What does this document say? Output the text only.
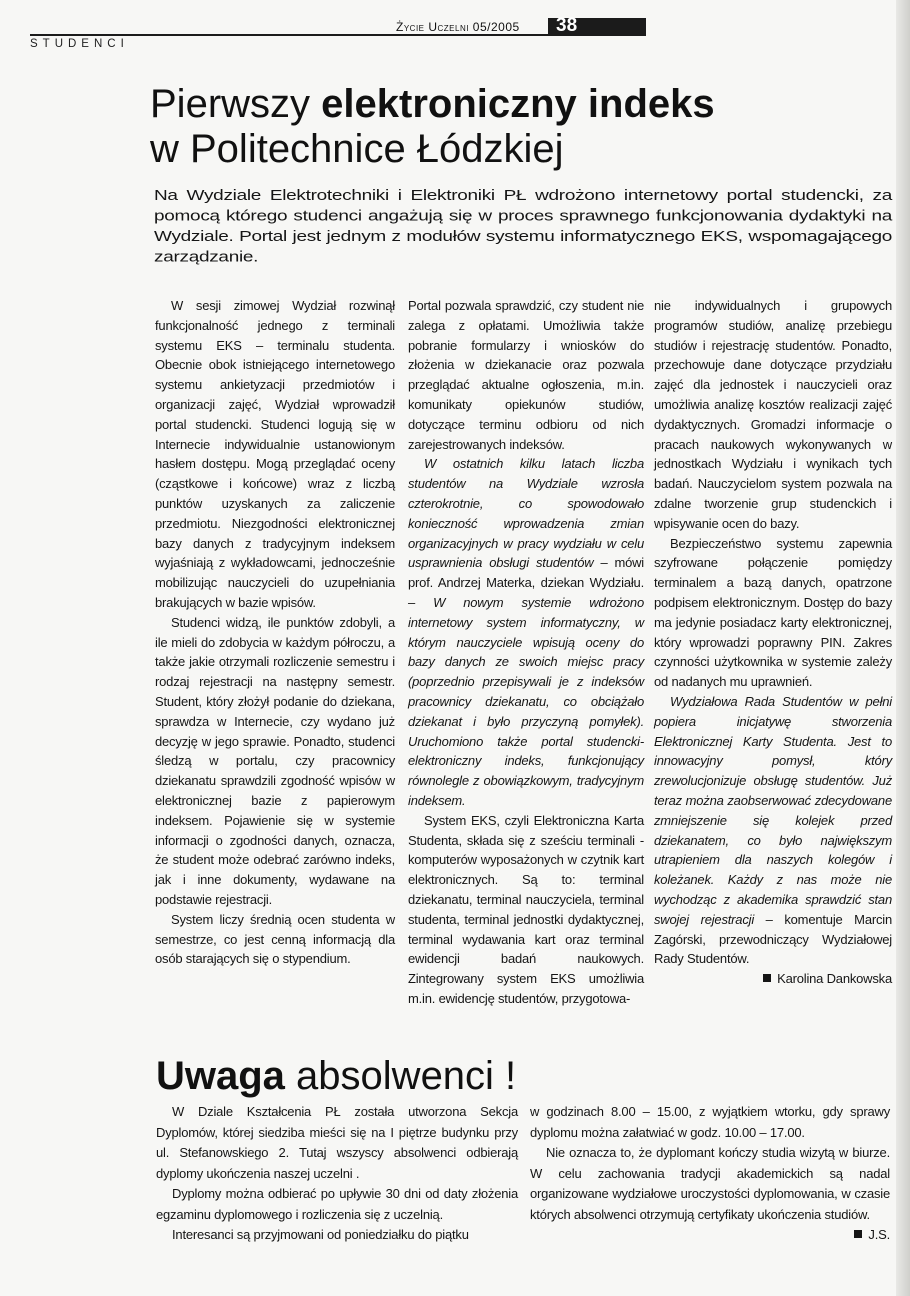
Życie Uczelni 05/2005 38
STUDENCI
Pierwszy elektroniczny indeks
w Politechnice Łódzkiej

Na Wydziale Elektrotechniki i Elektroniki PŁ wdrożono internetowy portal studencki, za pomocą którego studenci angażują się w proces sprawnego funkcjonowania dydaktyki na Wydziale. Portal jest jednym z modułów systemu informatycznego EKS, wspomagającego zarządzanie.

W sesji zimowej Wydział rozwinął funkcjonalność jednego z terminali systemu EKS – terminalu studenta. Obecnie obok istniejącego internetowego systemu ankietyzacji przedmiotów i organizacji zajęć, Wydział wprowadził portal studencki. Studenci logują się w Internecie indywidualnie ustanowionym hasłem dostępu. Mogą przeglądać oceny (cząstkowe i końcowe) wraz z liczbą punktów uzyskanych za zaliczenie przedmiotu. Niezgodności elektronicznej bazy danych z tradycyjnym indeksem wyjaśniają z wykładowcami, jednocześnie mobilizując nauczycieli do uzupełniania brakujących w bazie wpisów.

Studenci widzą, ile punktów zdobyli, a ile mieli do zdobycia w każdym półroczu, a także jakie otrzymali rozliczenie semestru i rodzaj rejestracji na następny semestr. Student, który złożył podanie do dziekana, sprawdza w Internecie, czy wydano już decyzję w jego sprawie. Ponadto, studenci śledzą w portalu, czy pracownicy dziekanatu sprawdzili zgodność wpisów w elektronicznej bazie z papierowym indeksem. Pojawienie się w systemie informacji o zgodności danych, oznacza, że student może odebrać zarówno indeks, jak i inne dokumenty, wydawane na podstawie rejestracji.

System liczy średnią ocen studenta w semestrze, co jest cenną informacją dla osób starających się o stypendium.

Portal pozwala sprawdzić, czy student nie zalega z opłatami. Umożliwia także pobranie formularzy i wniosków do złożenia w dziekanacie oraz pozwala przeglądać aktualne ogłoszenia, m.in. komunikaty opiekunów studiów, dotyczące terminu odbioru od nich zarejestrowanych indeksów.

W ostatnich kilku latach liczba studentów na Wydziale wzrosła czterokrotnie, co spowodowało konieczność wprowadzenia zmian organizacyjnych w pracy wydziału w celu usprawnienia obsługi studentów – mówi prof. Andrzej Materka, dziekan Wydziału. – W nowym systemie wdrożono internetowy system informatyczny, w którym nauczyciele wpisują oceny do bazy danych ze swoich miejsc pracy (poprzednio przepisywali je z indeksów pracownicy dziekanatu, co obciążało dziekanat i było przyczyną pomyłek). Uruchomiono także portal studencki- elektroniczny indeks, funkcjonujący równolegle z obowiązkowym, tradycyjnym indeksem.

System EKS, czyli Elektroniczna Karta Studenta, składa się z sześciu terminali - komputerów wyposażonych w czytnik kart elektronicznych. Są to: terminal dziekanatu, terminal nauczyciela, terminal studenta, terminal jednostki dydaktycznej, terminal wydawania kart oraz terminal ewidencji badań naukowych. Zintegrowany system EKS umożliwia m.in. ewidencję studentów, przygotowa-

nie indywidualnych i grupowych programów studiów, analizę przebiegu studiów i rejestrację studentów. Ponadto, przechowuje dane dotyczące przydziału zajęć dla jednostek i nauczycieli oraz umożliwia analizę kosztów realizacji zajęć dydaktycznych. Gromadzi informacje o pracach naukowych wykonywanych w jednostkach Wydziału i wynikach tych badań. Nauczycielom system pozwala na zdalne tworzenie grup studenckich i wpisywanie ocen do bazy.

Bezpieczeństwo systemu zapewnia szyfrowane połączenie pomiędzy terminalem a bazą danych, opatrzone podpisem elektronicznym. Dostęp do bazy ma jedynie posiadacz karty elektronicznej, który wprowadzi poprawny PIN. Zakres czynności użytkownika w systemie zależy od nadanych mu uprawnień.

Wydziałowa Rada Studentów w pełni popiera inicjatywę stworzenia Elektronicznej Karty Studenta. Jest to innowacyjny pomysł, który zrewolucjonizuje obsługę studentów. Już teraz można zaobserwować zdecydowane zmniejszenie się kolejek przed dziekanatem, co było największym utrapieniem dla naszych kolegów i koleżanek. Każdy z nas może nie wychodząc z akademika sprawdzić stan swojej rejestracji – komentuje Marcin Zagórski, przewodniczący Wydziałowej Rady Studentów.

Karolina Dankowska

Uwaga absolwenci !

W Dziale Kształcenia PŁ została utworzona Sekcja Dyplomów, której siedziba mieści się na I piętrze budynku przy ul. Stefanowskiego 2. Tutaj wszyscy absolwenci odbierają dyplomy ukończenia naszej uczelni .

Dyplomy można odbierać po upływie 30 dni od daty złożenia egzaminu dyplomowego i rozliczenia się z uczelnią.

Interesanci są przyjmowani od poniedziałku do piątku

w godzinach 8.00 – 15.00, z wyjątkiem wtorku, gdy sprawy dyplomu można załatwiać w godz. 10.00 – 17.00.

Nie oznacza to, że dyplomant kończy studia wizytą w biurze. W celu zachowania tradycji akademickich są nadal organizowane wydziałowe uroczystości dyplomowania, w czasie których absolwenci otrzymują certyfikaty ukończenia studiów.

J.S.
